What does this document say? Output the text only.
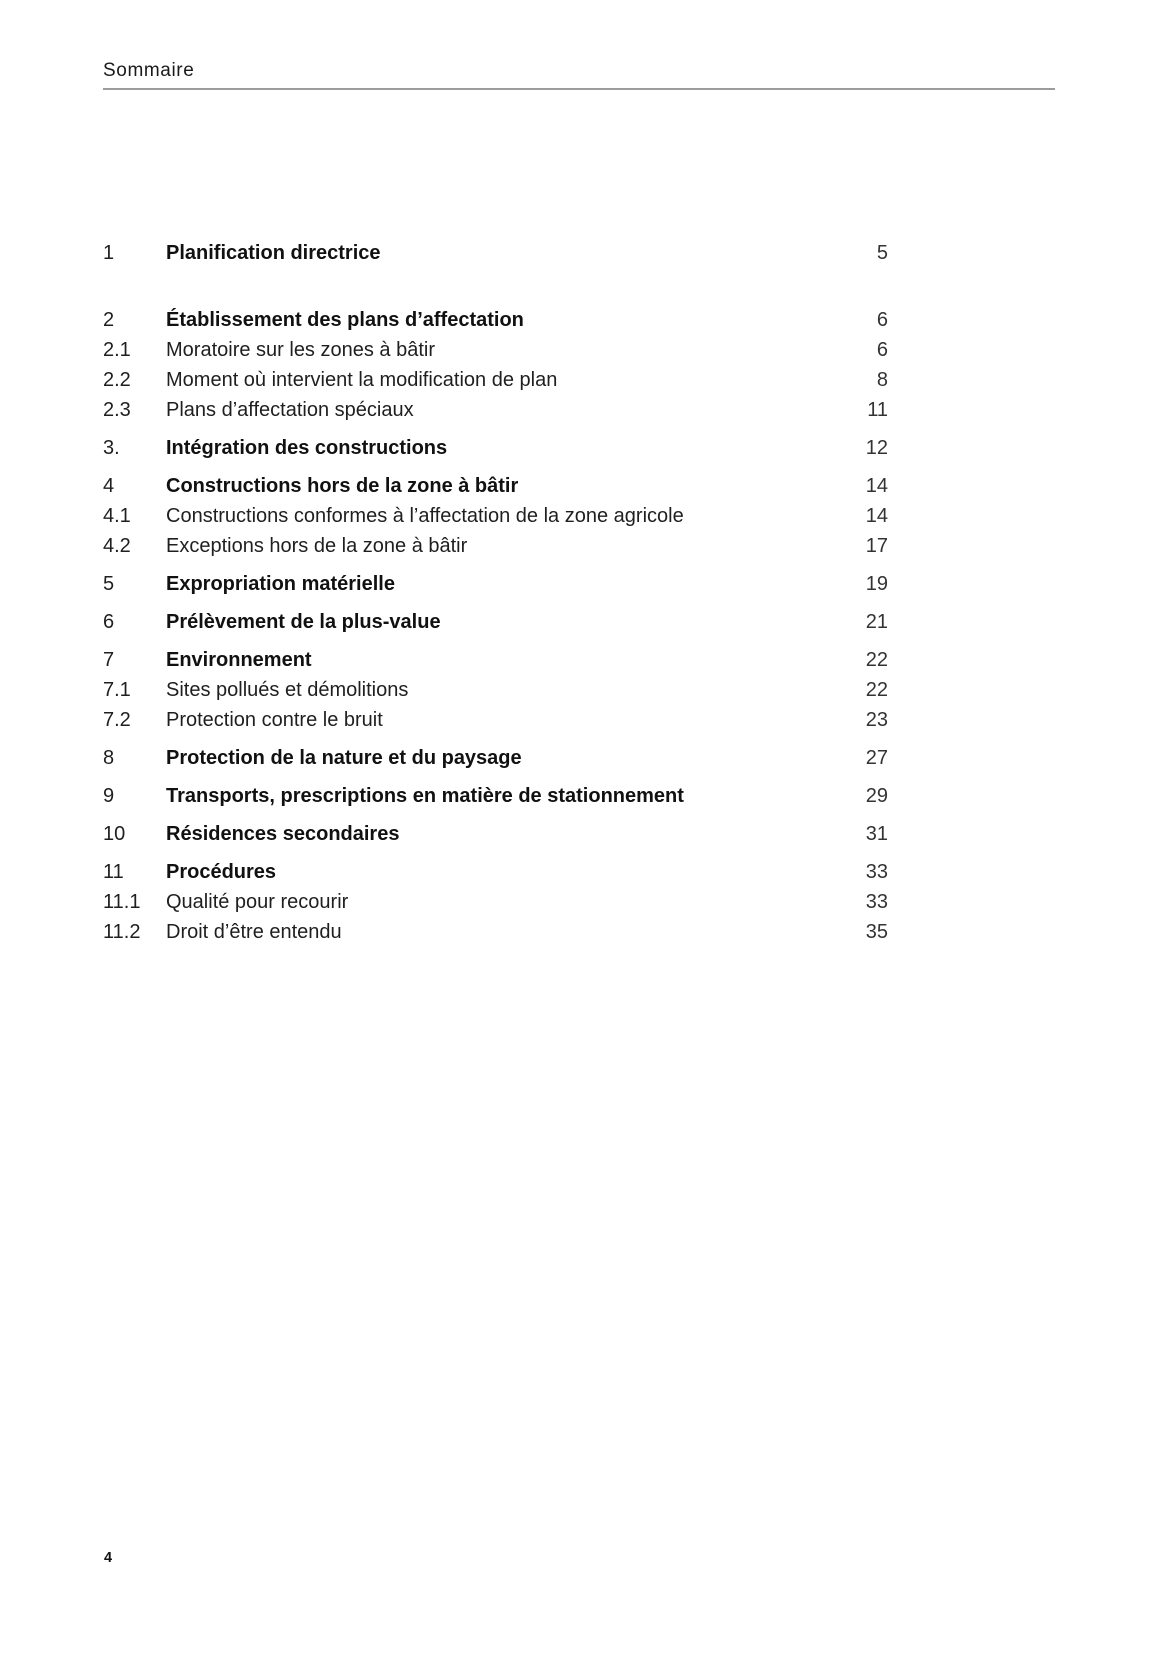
Sommaire
1	Planification directrice	5
2	Établissement des plans d’affectation	6
2.1	Moratoire sur les zones à bâtir	6
2.2	Moment où intervient la modification de plan	8
2.3	Plans d’affectation spéciaux	11
3.	Intégration des constructions	12
4	Constructions hors de la zone à bâtir	14
4.1	Constructions conformes à l’affectation de la zone agricole	14
4.2	Exceptions hors de la zone à bâtir	17
5	Expropriation matérielle	19
6	Prélèvement de la plus-value	21
7	Environnement	22
7.1	Sites pollués et démolitions	22
7.2	Protection contre le bruit	23
8	Protection de la nature et du paysage	27
9	Transports, prescriptions en matière de stationnement	29
10	Résidences secondaires	31
11	Procédures	33
11.1	Qualité pour recourir	33
11.2	Droit d’être entendu	35
4
